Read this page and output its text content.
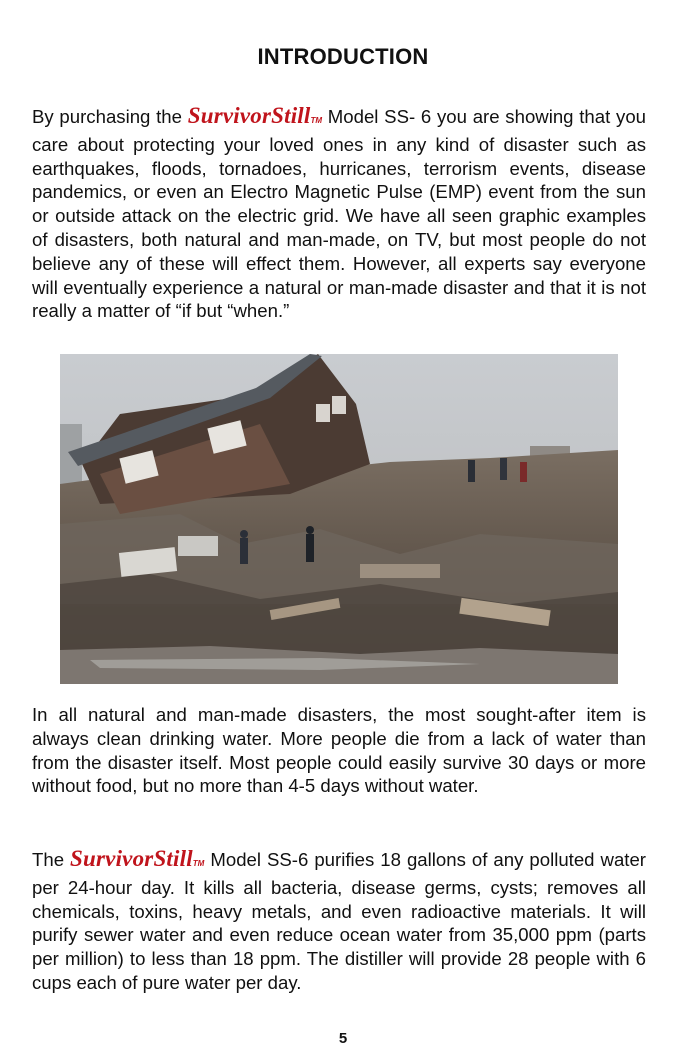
INTRODUCTION

By purchasing the SurvivorStillTM Model SS- 6 you are showing that you care about protecting your loved ones in any kind of disaster such as earthquakes, floods, tornadoes, hurricanes, terrorism events, disease pandemics, or even an Electro Magnetic Pulse (EMP) event from the sun or outside attack on the electric grid. We have all seen graphic examples of disasters, both natural and man-made, on TV, but most people do not believe any of these will effect them. However, all experts say everyone will eventually experience a natural or man-made disaster and that it is not really a matter of “if but “when.”

In all natural and man-made disasters, the most sought-after item is always clean drinking water. More people die from a lack of water than from the disaster itself. Most people could easily survive 30 days or more without food, but no more than 4-5 days without water.

The SurvivorStillTM Model SS-6 purifies 18 gallons of any polluted water per 24-hour day. It kills all bacteria, disease germs, cysts; removes all chemicals, toxins, heavy metals, and even radioactive materials. It will purify sewer water and even reduce ocean water from 35,000 ppm (parts per million) to less than 18 ppm. The distiller will provide 28 people with 6 cups each of pure water per day.

5
